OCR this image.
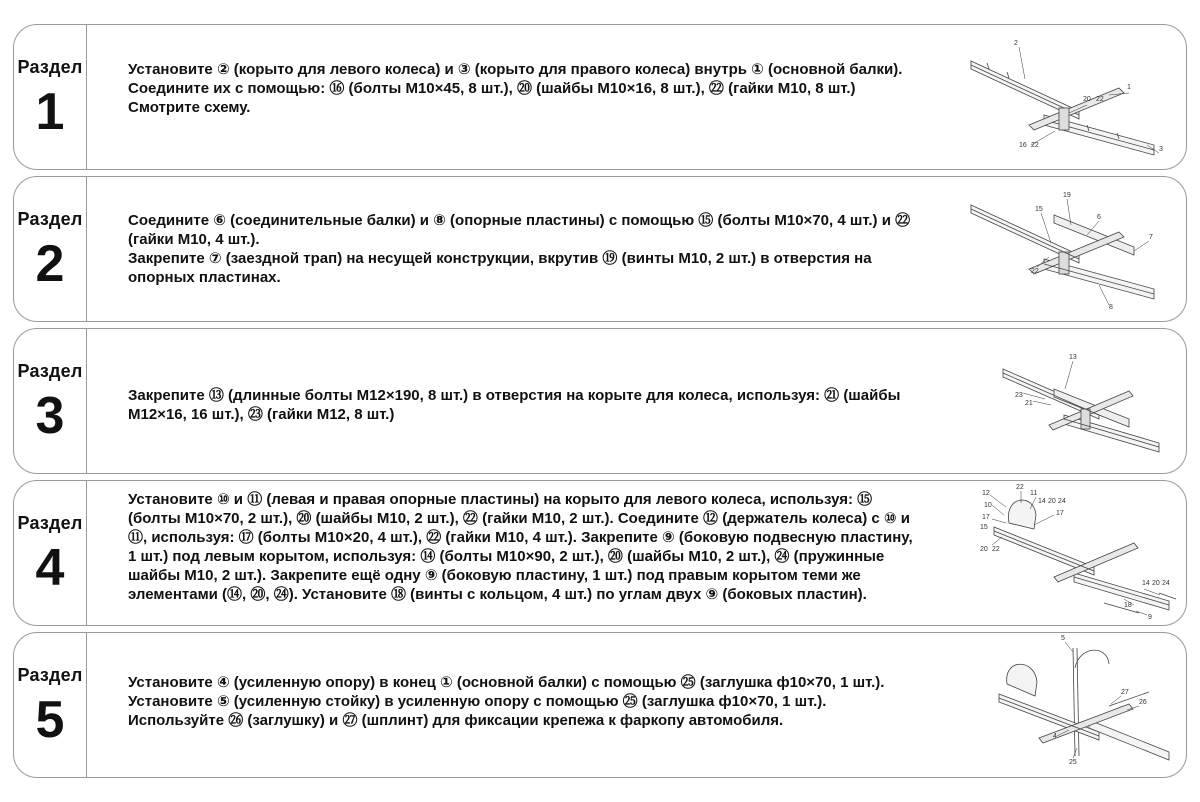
Раздел
1

Установите ② (корыто для левого колеса) и ③ (корыто для правого колеса) внутрь ① (основной балки).

Соедините их с помощью: ⑯ (болты М10×45, 8 шт.), ⑳ (шайбы М10×16, 8 шт.), ㉒ (гайки М10, 8 шт.)

Смотрите схему.

2
1
20 22
16 22
3
Раздел
2

Соедините ⑥ (соединительные балки) и ⑧ (опорные пластины) с помощью ⑮ (болты М10×70, 4 шт.) и ㉒ (гайки М10, 4 шт.).

Закрепите ⑦ (заездной трап) на несущей конструкции, вкрутив ⑲ (винты М10, 2 шт.) в отверстия на опорных пластинах.

19
15
6
7
22
8
Раздел
3	Закрепите ⑬ (длинные болты М12×190, 8 шт.) в отверстия на корыте для колеса, используя: ㉑ (шайбы М12×16, 16 шт.), ㉓ (гайки М12, 8 шт.)

13
23
21
Раздел
4

Установите ⑩ и ⑪ (левая и правая опорные пластины) на корыто для левого колеса, используя: ⑮ (болты М10×70, 2 шт.), ⑳ (шайбы М10, 2 шт.), ㉒ (гайки М10, 2 шт.). Соедините ⑫ (держатель колеса) с ⑩ и ⑪, используя: ⑰ (болты М10×20, 4 шт.), ㉒ (гайки М10, 4 шт.). Закрепите ⑨ (боковую подвесную пластину, 1 шт.) под левым корытом, используя: ⑭ (болты М10×90, 2 шт.), ⑳ (шайбы М10, 2 шт.), ㉔ (пружинные шайбы М10, 2 шт.). Закрепите ещё одну ⑨ (боковую пластину, 1 шт.) под правым корытом теми же элементами (⑭, ⑳, ㉔). Установите ⑱ (винты с кольцом, 4 шт.) по углам двух ⑨ (боковых пластин).

12
22
11
14 20 24
10
17
15
17
20 22
14 20 24
18
9
Раздел
5

Установите ④ (усиленную опору) в конец ① (основной балки) с помощью ㉕ (заглушка ф10×70, 1 шт.). Установите ⑤ (усиленную стойку) в усиленную опору с помощью ㉕ (заглушка ф10×70, 1 шт.). Используйте ㉖ (заглушку) и ㉗ (шплинт) для фиксации крепежа к фаркопу автомобиля.

5
27
26
4
25
